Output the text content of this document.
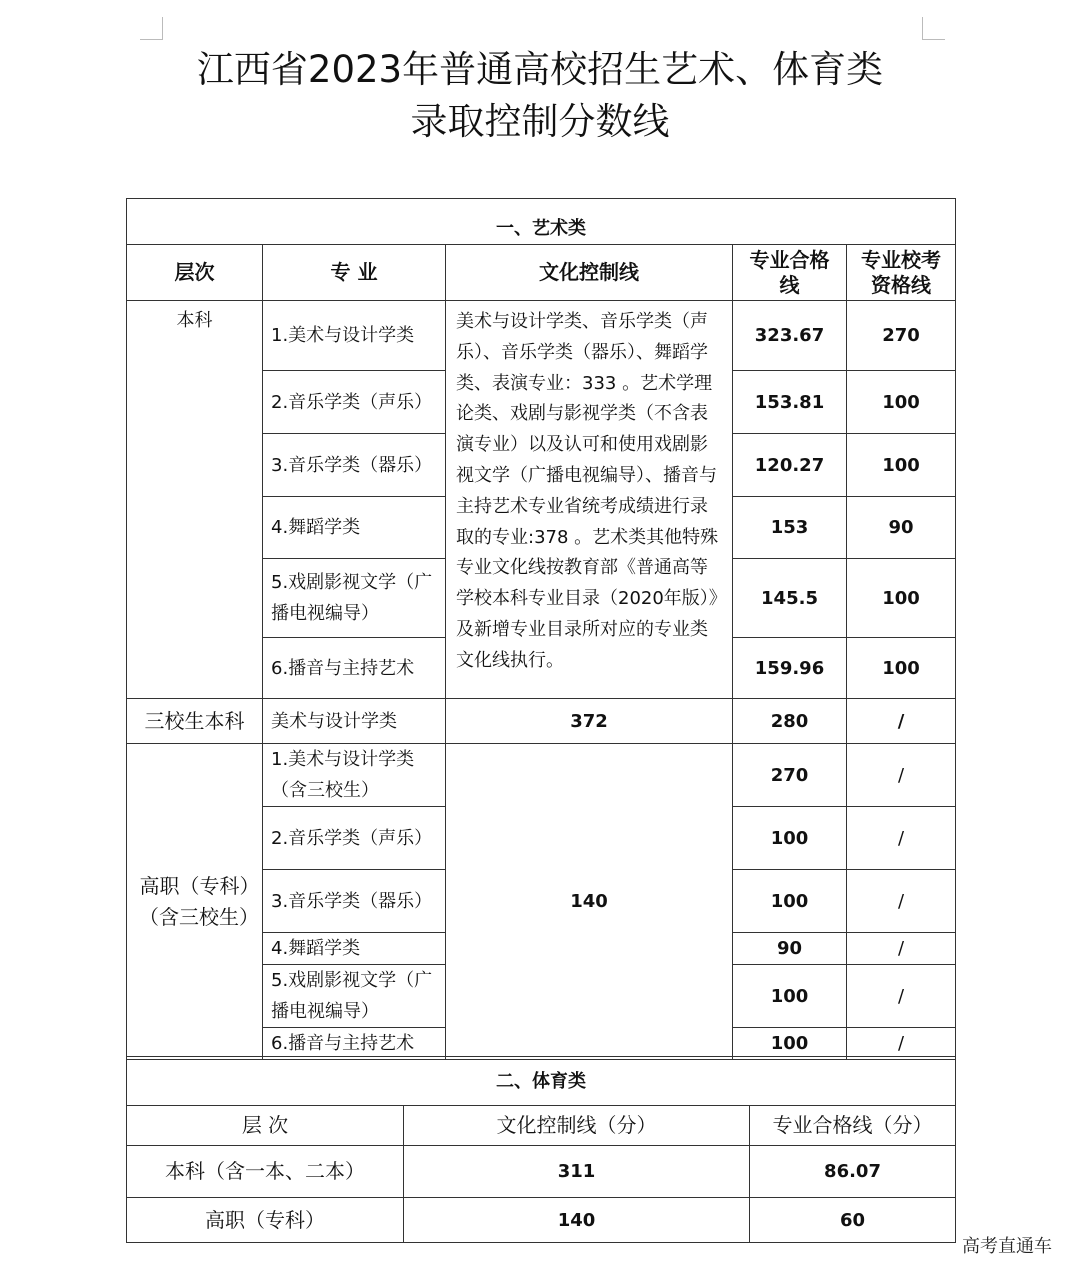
江西省2023年普通高校招生艺术、体育类
录取控制分数线
一、艺术类				
层次	专 业	文化控制线	专业合格线	专业校考资格线
本科	1.美术与设计学类	美术与设计学类、音乐学类（声乐）、音乐学类（器乐）、舞蹈学类、表演专业：333 。艺术学理论类、戏剧与影视学类（不含表演专业）以及认可和使用戏剧影视文学（广播电视编导）、播音与主持艺术专业省统考成绩进行录取的专业:378 。艺术类其他特殊专业文化线按教育部《普通高等学校本科专业目录（2020年版）》及新增专业目录所对应的专业类文化线执行。	323.67	270
	2.音乐学类（声乐）		153.81	100
	3.音乐学类（器乐）		120.27	100
	4.舞蹈学类		153	90
	5.戏剧影视文学（广播电视编导）		145.5	100
	6.播音与主持艺术		159.96	100
三校生本科	美术与设计学类	372	280	/
高职（专科）（含三校生）	1.美术与设计学类（含三校生）	140	270	/
	2.音乐学类（声乐）		100	/
	3.音乐学类（器乐）		100	/
	4.舞蹈学类		90	/
	5.戏剧影视文学（广播电视编导）		100	/
	6.播音与主持艺术		100	/
二、体育类		
层 次	文化控制线（分）	专业合格线（分）
本科（含一本、二本）	311	86.07
高职（专科）	140	60
高考直通车
